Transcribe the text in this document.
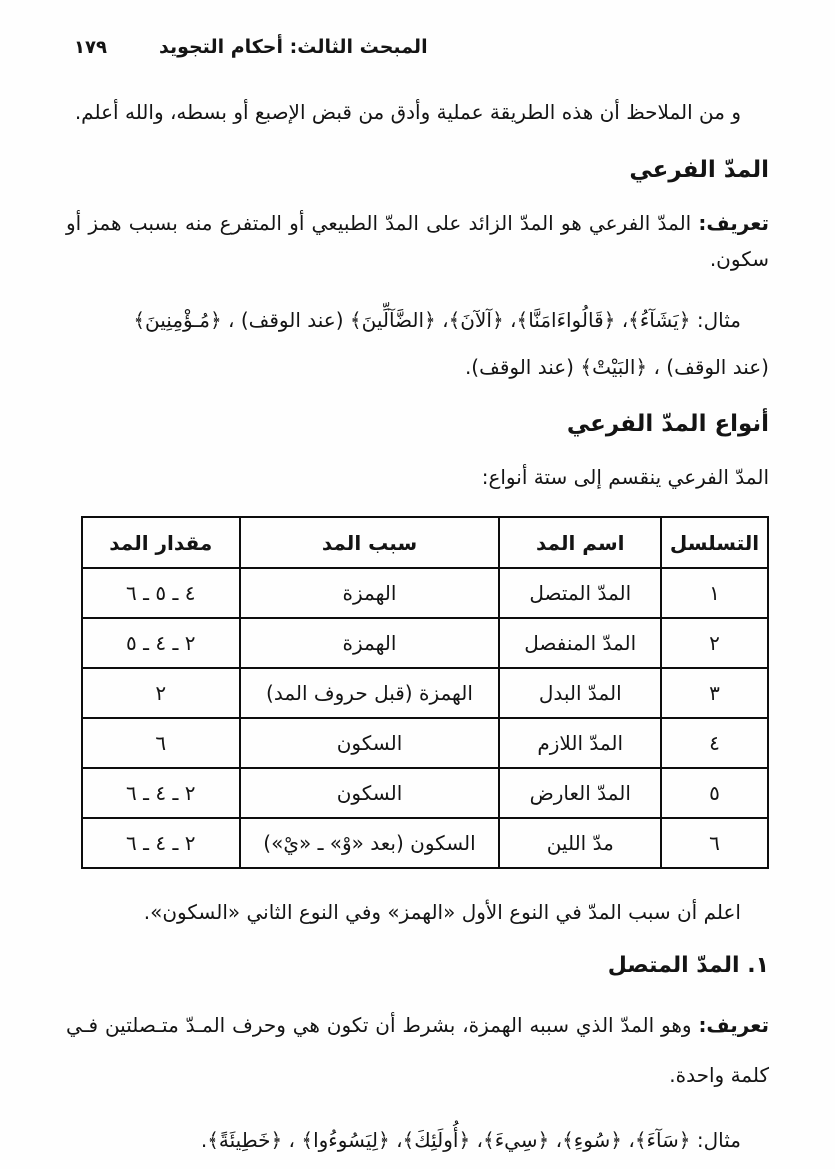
المبحث الثالث: أحكام التجويد
١٧٩

و من الملاحظ أن هذه الطريقة عملية وأدق من قبض الإصبع أو بسطه، والله أعلم.

المدّ الفرعي

تعريف: المدّ الفرعي هو المدّ الزائد على المدّ الطبيعي أو المتفرع منه بسبب همز أو سكون.

مثال: ﴿يَشَآءُ﴾، ﴿قَالُواءَامَنَّا﴾، ﴿آلآنَ﴾، ﴿الضَّآلِّينَ﴾ (عند الوقف) ، ﴿مُـؤْمِنِينَ﴾
(عند الوقف) ، ﴿البَيْتْ﴾ (عند الوقف).
أنواع المدّ الفرعي

المدّ الفرعي ينقسم إلى ستة أنواع:

التسلسل	اسم المد	سبب المد	مقدار المد
١	المدّ المتصل	الهمزة	٤ ـ ٥ ـ ٦
٢	المدّ المنفصل	الهمزة	٢ ـ ٤ ـ ٥
٣	المدّ البدل	الهمزة (قبل حروف المد)	٢
٤	المدّ اللازم	السكون	٦
٥	المدّ العارض	السكون	٢ ـ ٤ ـ ٦
٦	مدّ اللين	السكون (بعد «وْ» ـ «يْ»)	٢ ـ ٤ ـ ٦

اعلم أن سبب المدّ في النوع الأول «الهمز» وفي النوع الثاني «السكون».

١. المدّ المتصل

تعريف: وهو المدّ الذي سببه الهمزة، بشرط أن تكون هي وحرف المـدّ متـصلتين فـي كلمة واحدة.

مثال: ﴿سَآءَ﴾، ﴿سُوءِ﴾، ﴿سِيءَ﴾، ﴿أُولَئِكَ﴾، ﴿لِيَسُوءُوا﴾ ، ﴿خَطِيئَةً﴾.
